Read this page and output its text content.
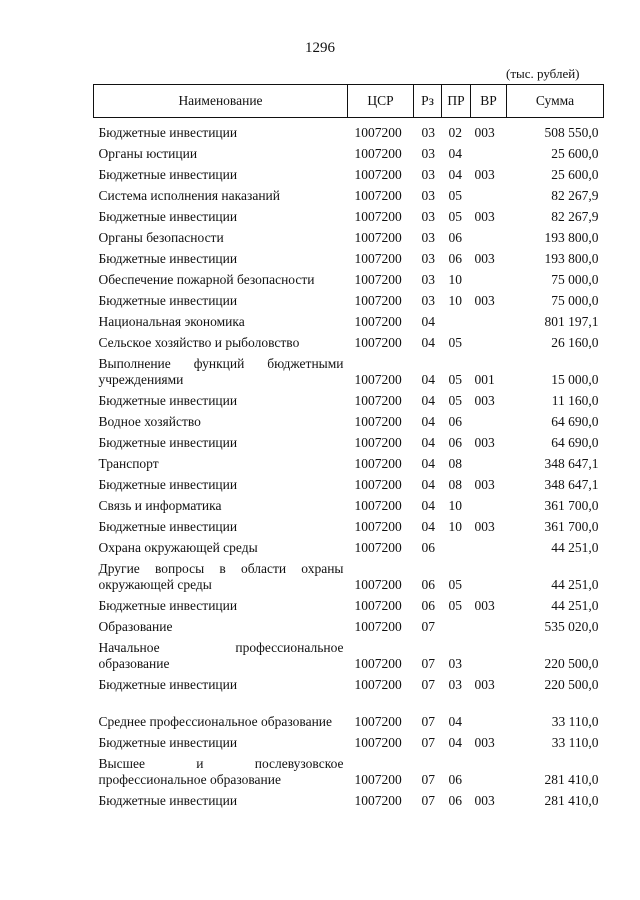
1296
(тыс. рублей)
Наименование	ЦСР	Рз	ПР	ВР	Сумма
Бюджетные инвестиции	1007200	03	02	003	508 550,0
Органы юстиции	1007200	03	04		25 600,0
Бюджетные инвестиции	1007200	03	04	003	25 600,0
Система исполнения наказаний	1007200	03	05		82 267,9
Бюджетные инвестиции	1007200	03	05	003	82 267,9
Органы безопасности	1007200	03	06		193 800,0
Бюджетные инвестиции	1007200	03	06	003	193 800,0
Обеспечение пожарной безопасности	1007200	03	10		75 000,0
Бюджетные инвестиции	1007200	03	10	003	75 000,0
Национальная экономика	1007200	04			801 197,1
Сельское хозяйство и рыболовство	1007200	04	05		26 160,0
Выполнение функций бюджетными учреждениями	1007200	04	05	001	15 000,0
Бюджетные инвестиции	1007200	04	05	003	11 160,0
Водное хозяйство	1007200	04	06		64 690,0
Бюджетные инвестиции	1007200	04	06	003	64 690,0
Транспорт	1007200	04	08		348 647,1
Бюджетные инвестиции	1007200	04	08	003	348 647,1
Связь и информатика	1007200	04	10		361 700,0
Бюджетные инвестиции	1007200	04	10	003	361 700,0
Охрана окружающей среды	1007200	06			44 251,0
Другие вопросы в области охраны окружающей среды	1007200	06	05		44 251,0
Бюджетные инвестиции	1007200	06	05	003	44 251,0
Образование	1007200	07			535 020,0
Начальное профессиональное образование	1007200	07	03		220 500,0
Бюджетные инвестиции	1007200	07	03	003	220 500,0
Среднее профессиональное образование	1007200	07	04		33 110,0
Бюджетные инвестиции	1007200	07	04	003	33 110,0
Высшее и послевузовское профессиональное образование	1007200	07	06		281 410,0
Бюджетные инвестиции	1007200	07	06	003	281 410,0
